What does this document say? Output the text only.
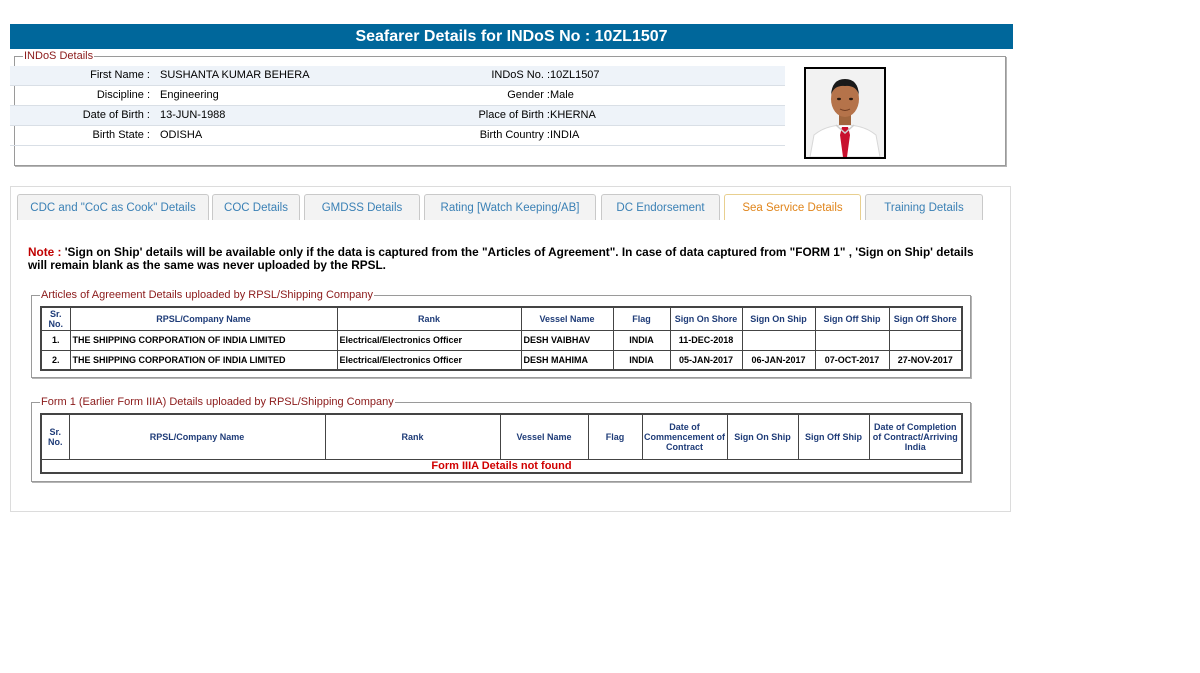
Seafarer Details for INDoS No : 10ZL1507
INDoS Details
First Name : SUSHANTA KUMAR BEHERA	INDoS No. : 10ZL1507
Discipline : Engineering	Gender : Male
Date of Birth : 13-JUN-1988	Place of Birth : KHERNA
Birth State : ODISHA	Birth Country : INDIA
CDC and "CoC as Cook" Details	COC Details	GMDSS Details	Rating [Watch Keeping/AB]	DC Endorsement	Sea Service Details	Training Details
Note : 'Sign on Ship' details will be available only if the data is captured from the "Articles of Agreement". In case of data captured from "FORM 1" , 'Sign on Ship' details will remain blank as the same was never uploaded by the RPSL.
Articles of Agreement Details uploaded by RPSL/Shipping Company
Sr. No.	RPSL/Company Name	Rank	Vessel Name	Flag	Sign On Shore	Sign On Ship	Sign Off Ship	Sign Off Shore
1.	THE SHIPPING CORPORATION OF INDIA LIMITED	Electrical/Electronics Officer	DESH VAIBHAV	INDIA	11-DEC-2018			
2.	THE SHIPPING CORPORATION OF INDIA LIMITED	Electrical/Electronics Officer	DESH MAHIMA	INDIA	05-JAN-2017	06-JAN-2017	07-OCT-2017	27-NOV-2017
Form 1 (Earlier Form IIIA) Details uploaded by RPSL/Shipping Company
Sr. No.	RPSL/Company Name	Rank	Vessel Name	Flag	Date of Commencement of Contract	Sign On Ship	Sign Off Ship	Date of Completion of Contract/Arriving India
Form IIIA Details not found
